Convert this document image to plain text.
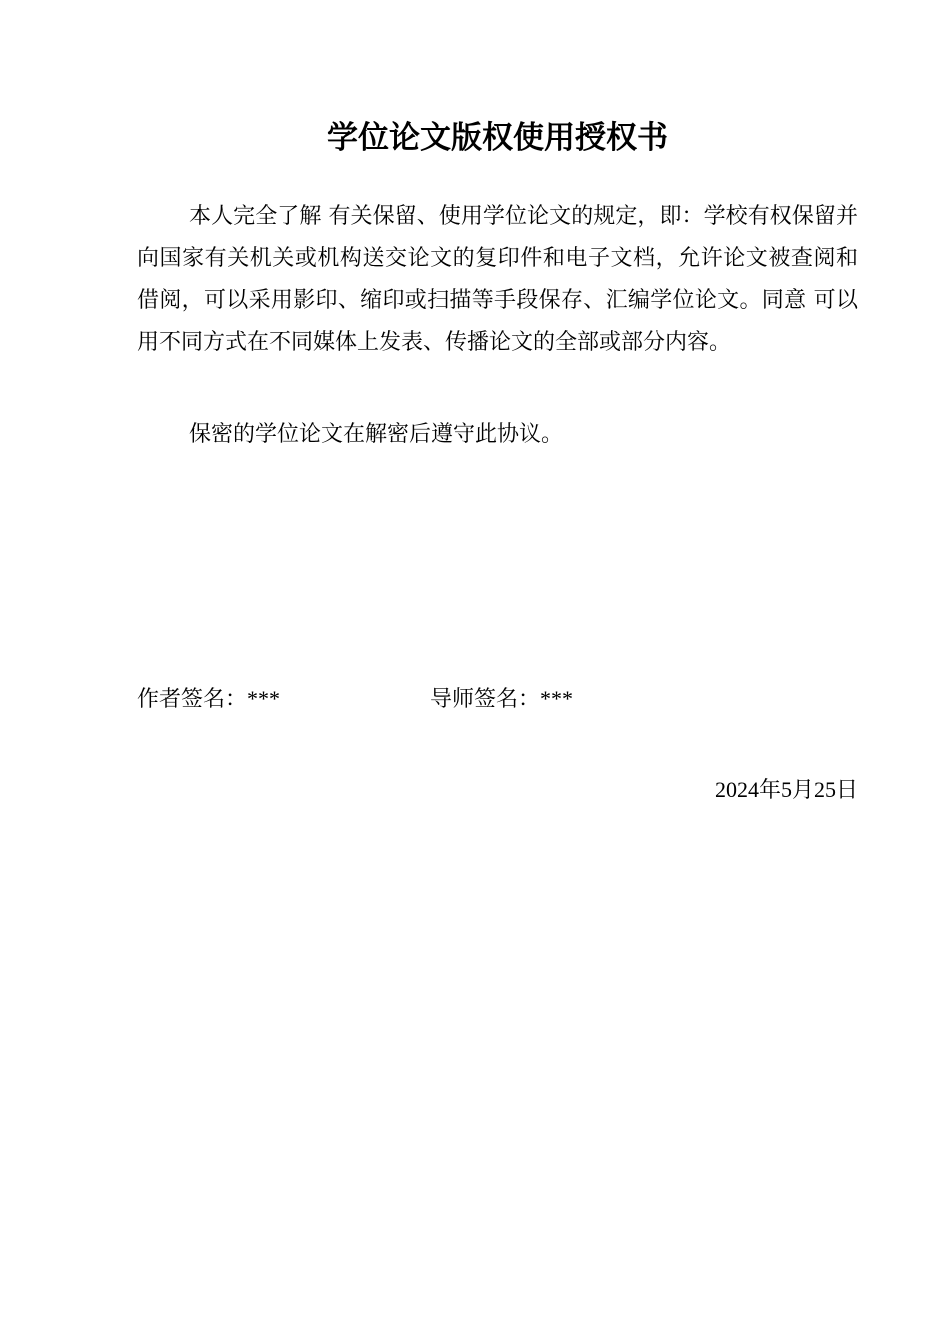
学位论文版权使用授权书
本人完全了解 有关保留、使用学位论文的规定，即：学校有权保留并向国家有关机关或机构送交论文的复印件和电子文档，允许论文被查阅和借阅，可以采用影印、缩印或扫描等手段保存、汇编学位论文。同意 可以用不同方式在不同媒体上发表、传播论文的全部或部分内容。
保密的学位论文在解密后遵守此协议。
作者签名：***	导师签名：***
2024年5月25日
